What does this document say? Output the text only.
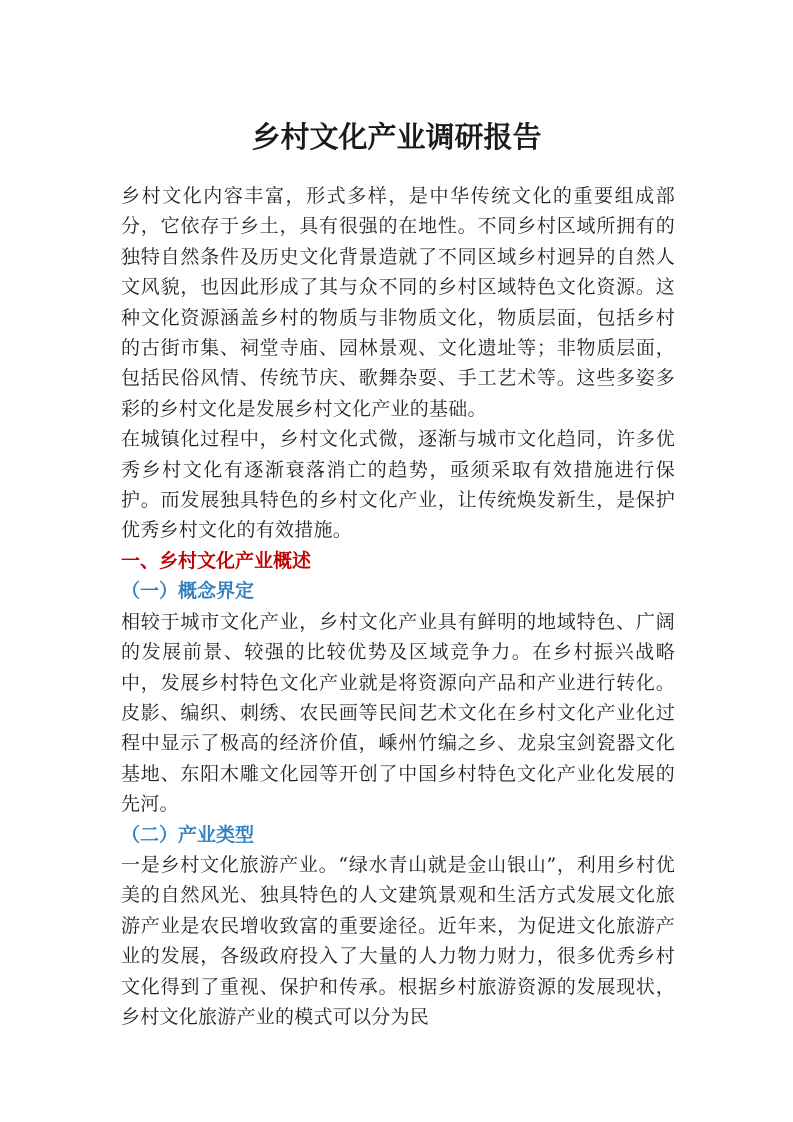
乡村文化产业调研报告

乡村文化内容丰富，形式多样，是中华传统文化的重要组成部分，它依存于乡土，具有很强的在地性。不同乡村区域所拥有的独特自然条件及历史文化背景造就了不同区域乡村迥异的自然人文风貌，也因此形成了其与众不同的乡村区域特色文化资源。这种文化资源涵盖乡村的物质与非物质文化，物质层面，包括乡村的古街市集、祠堂寺庙、园林景观、文化遗址等；非物质层面，包括民俗风情、传统节庆、歌舞杂耍、手工艺术等。这些多姿多彩的乡村文化是发展乡村文化产业的基础。

在城镇化过程中，乡村文化式微，逐渐与城市文化趋同，许多优秀乡村文化有逐渐衰落消亡的趋势，亟须采取有效措施进行保护。而发展独具特色的乡村文化产业，让传统焕发新生，是保护优秀乡村文化的有效措施。

一、乡村文化产业概述
（一）概念界定

相较于城市文化产业，乡村文化产业具有鲜明的地域特色、广阔的发展前景、较强的比较优势及区域竞争力。在乡村振兴战略中，发展乡村特色文化产业就是将资源向产品和产业进行转化。皮影、编织、刺绣、农民画等民间艺术文化在乡村文化产业化过程中显示了极高的经济价值，嵊州竹编之乡、龙泉宝剑瓷器文化基地、东阳木雕文化园等开创了中国乡村特色文化产业化发展的先河。

（二）产业类型

一是乡村文化旅游产业。“绿水青山就是金山银山”，利用乡村优美的自然风光、独具特色的人文建筑景观和生活方式发展文化旅游产业是农民增收致富的重要途径。近年来，为促进文化旅游产业的发展，各级政府投入了大量的人力物力财力，很多优秀乡村文化得到了重视、保护和传承。根据乡村旅游资源的发展现状，乡村文化旅游产业的模式可以分为民
